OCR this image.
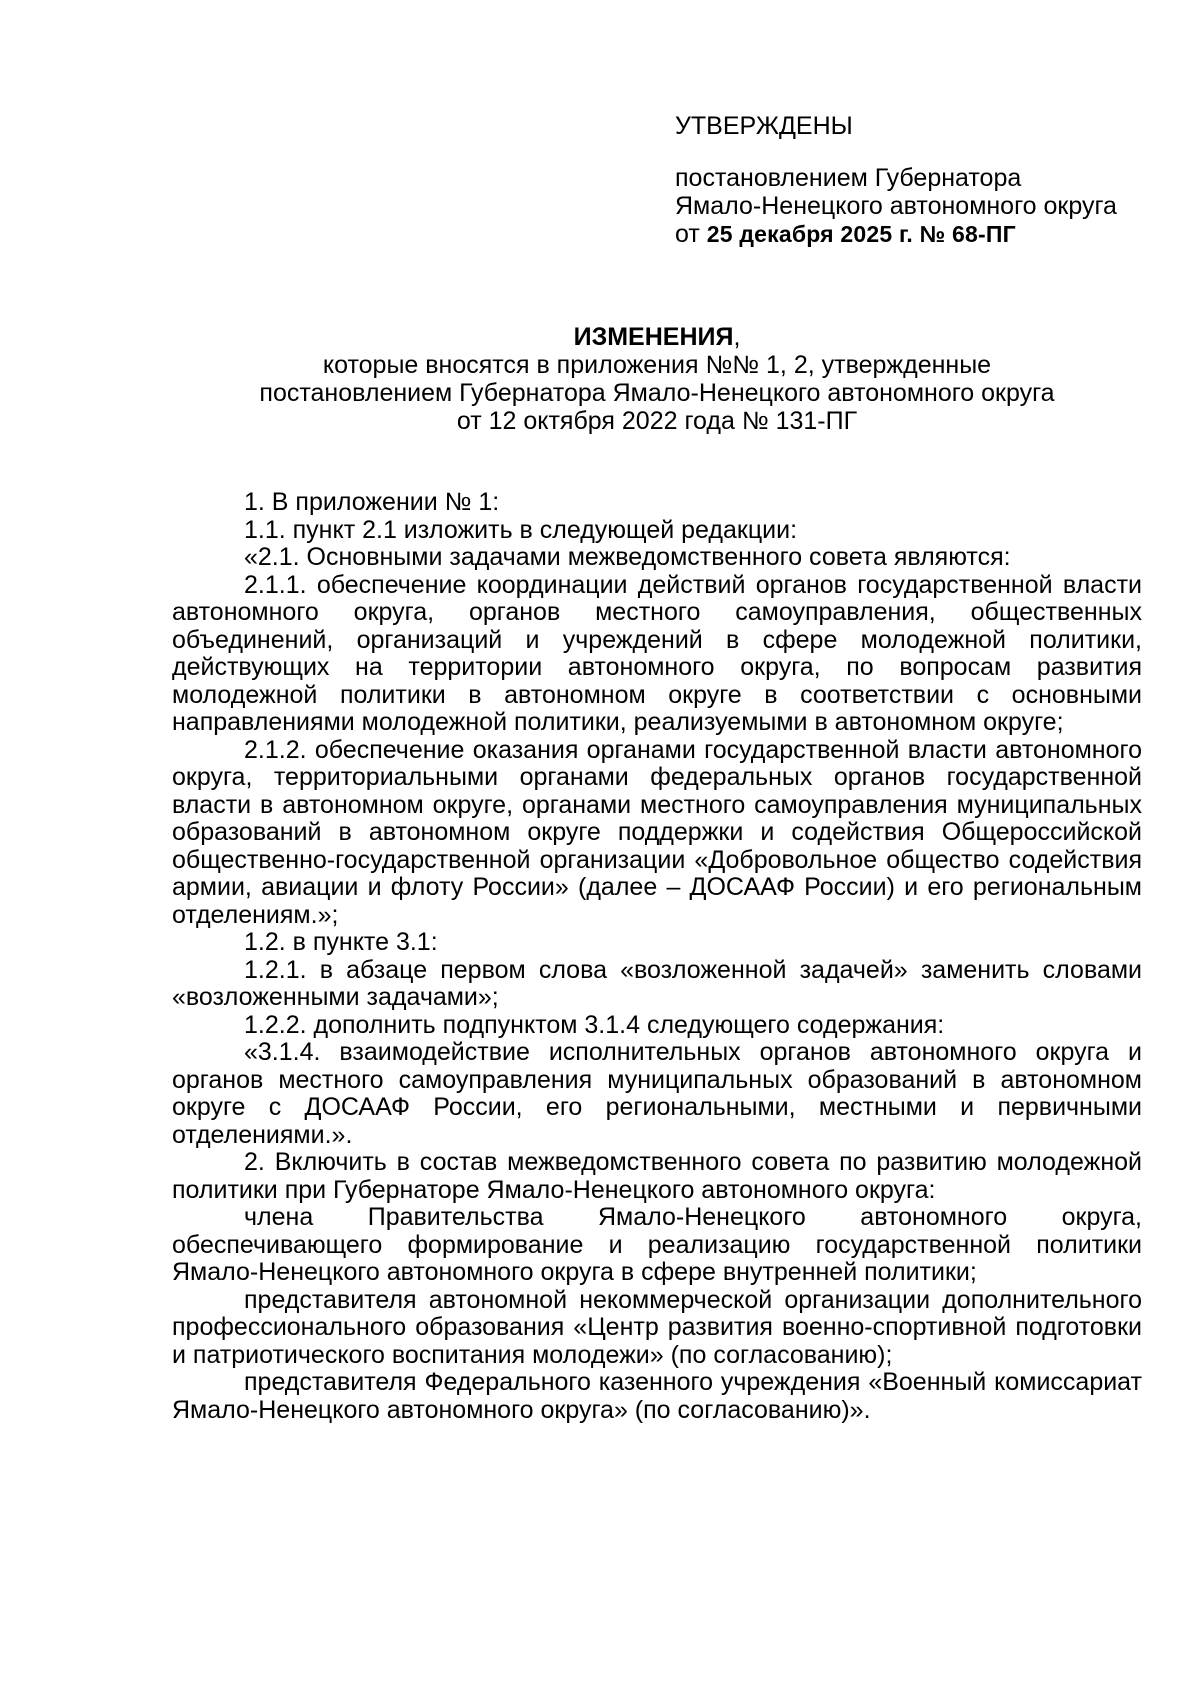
УТВЕРЖДЕНЫ
постановлением Губернатора
Ямало-Ненецкого автономного округа
от 25 декабря 2025 г. № 68-ПГ
ИЗМЕНЕНИЯ,
которые вносятся в приложения №№ 1, 2, утвержденные
постановлением Губернатора Ямало-Ненецкого автономного округа
от 12 октября 2022 года № 131-ПГ

1. В приложении № 1:

1.1. пункт 2.1 изложить в следующей редакции:

«2.1. Основными задачами межведомственного совета являются:

2.1.1. обеспечение координации действий органов государственной власти автономного округа, органов местного самоуправления, общественных объединений, организаций и учреждений в сфере молодежной политики, действующих на территории автономного округа, по вопросам развития молодежной политики в автономном округе в соответствии с основными направлениями молодежной политики, реализуемыми в автономном округе;

2.1.2. обеспечение оказания органами государственной власти автономного округа, территориальными органами федеральных органов государственной власти в автономном округе, органами местного самоуправления муниципальных образований в автономном округе поддержки и содействия Общероссийской общественно-государственной организации «Добровольное общество содействия армии, авиации и флоту России» (далее – ДОСААФ России) и его региональным отделениям.»;

1.2. в пункте 3.1:

1.2.1. в абзаце первом слова «возложенной задачей» заменить словами «возложенными задачами»;

1.2.2. дополнить подпунктом 3.1.4 следующего содержания:

«3.1.4. взаимодействие исполнительных органов автономного округа и органов местного самоуправления муниципальных образований в автономном округе с ДОСААФ России, его региональными, местными и первичными отделениями.».

2. Включить в состав межведомственного совета по развитию молодежной политики при Губернаторе Ямало-Ненецкого автономного округа:

члена Правительства Ямало-Ненецкого автономного округа, обеспечивающего формирование и реализацию государственной политики Ямало-Ненецкого автономного округа в сфере внутренней политики;

представителя автономной некоммерческой организации дополнительного профессионального образования «Центр развития военно-спортивной подготовки и патриотического воспитания молодежи» (по согласованию);

представителя Федерального казенного учреждения «Военный комиссариат Ямало-Ненецкого автономного округа» (по согласованию)».
